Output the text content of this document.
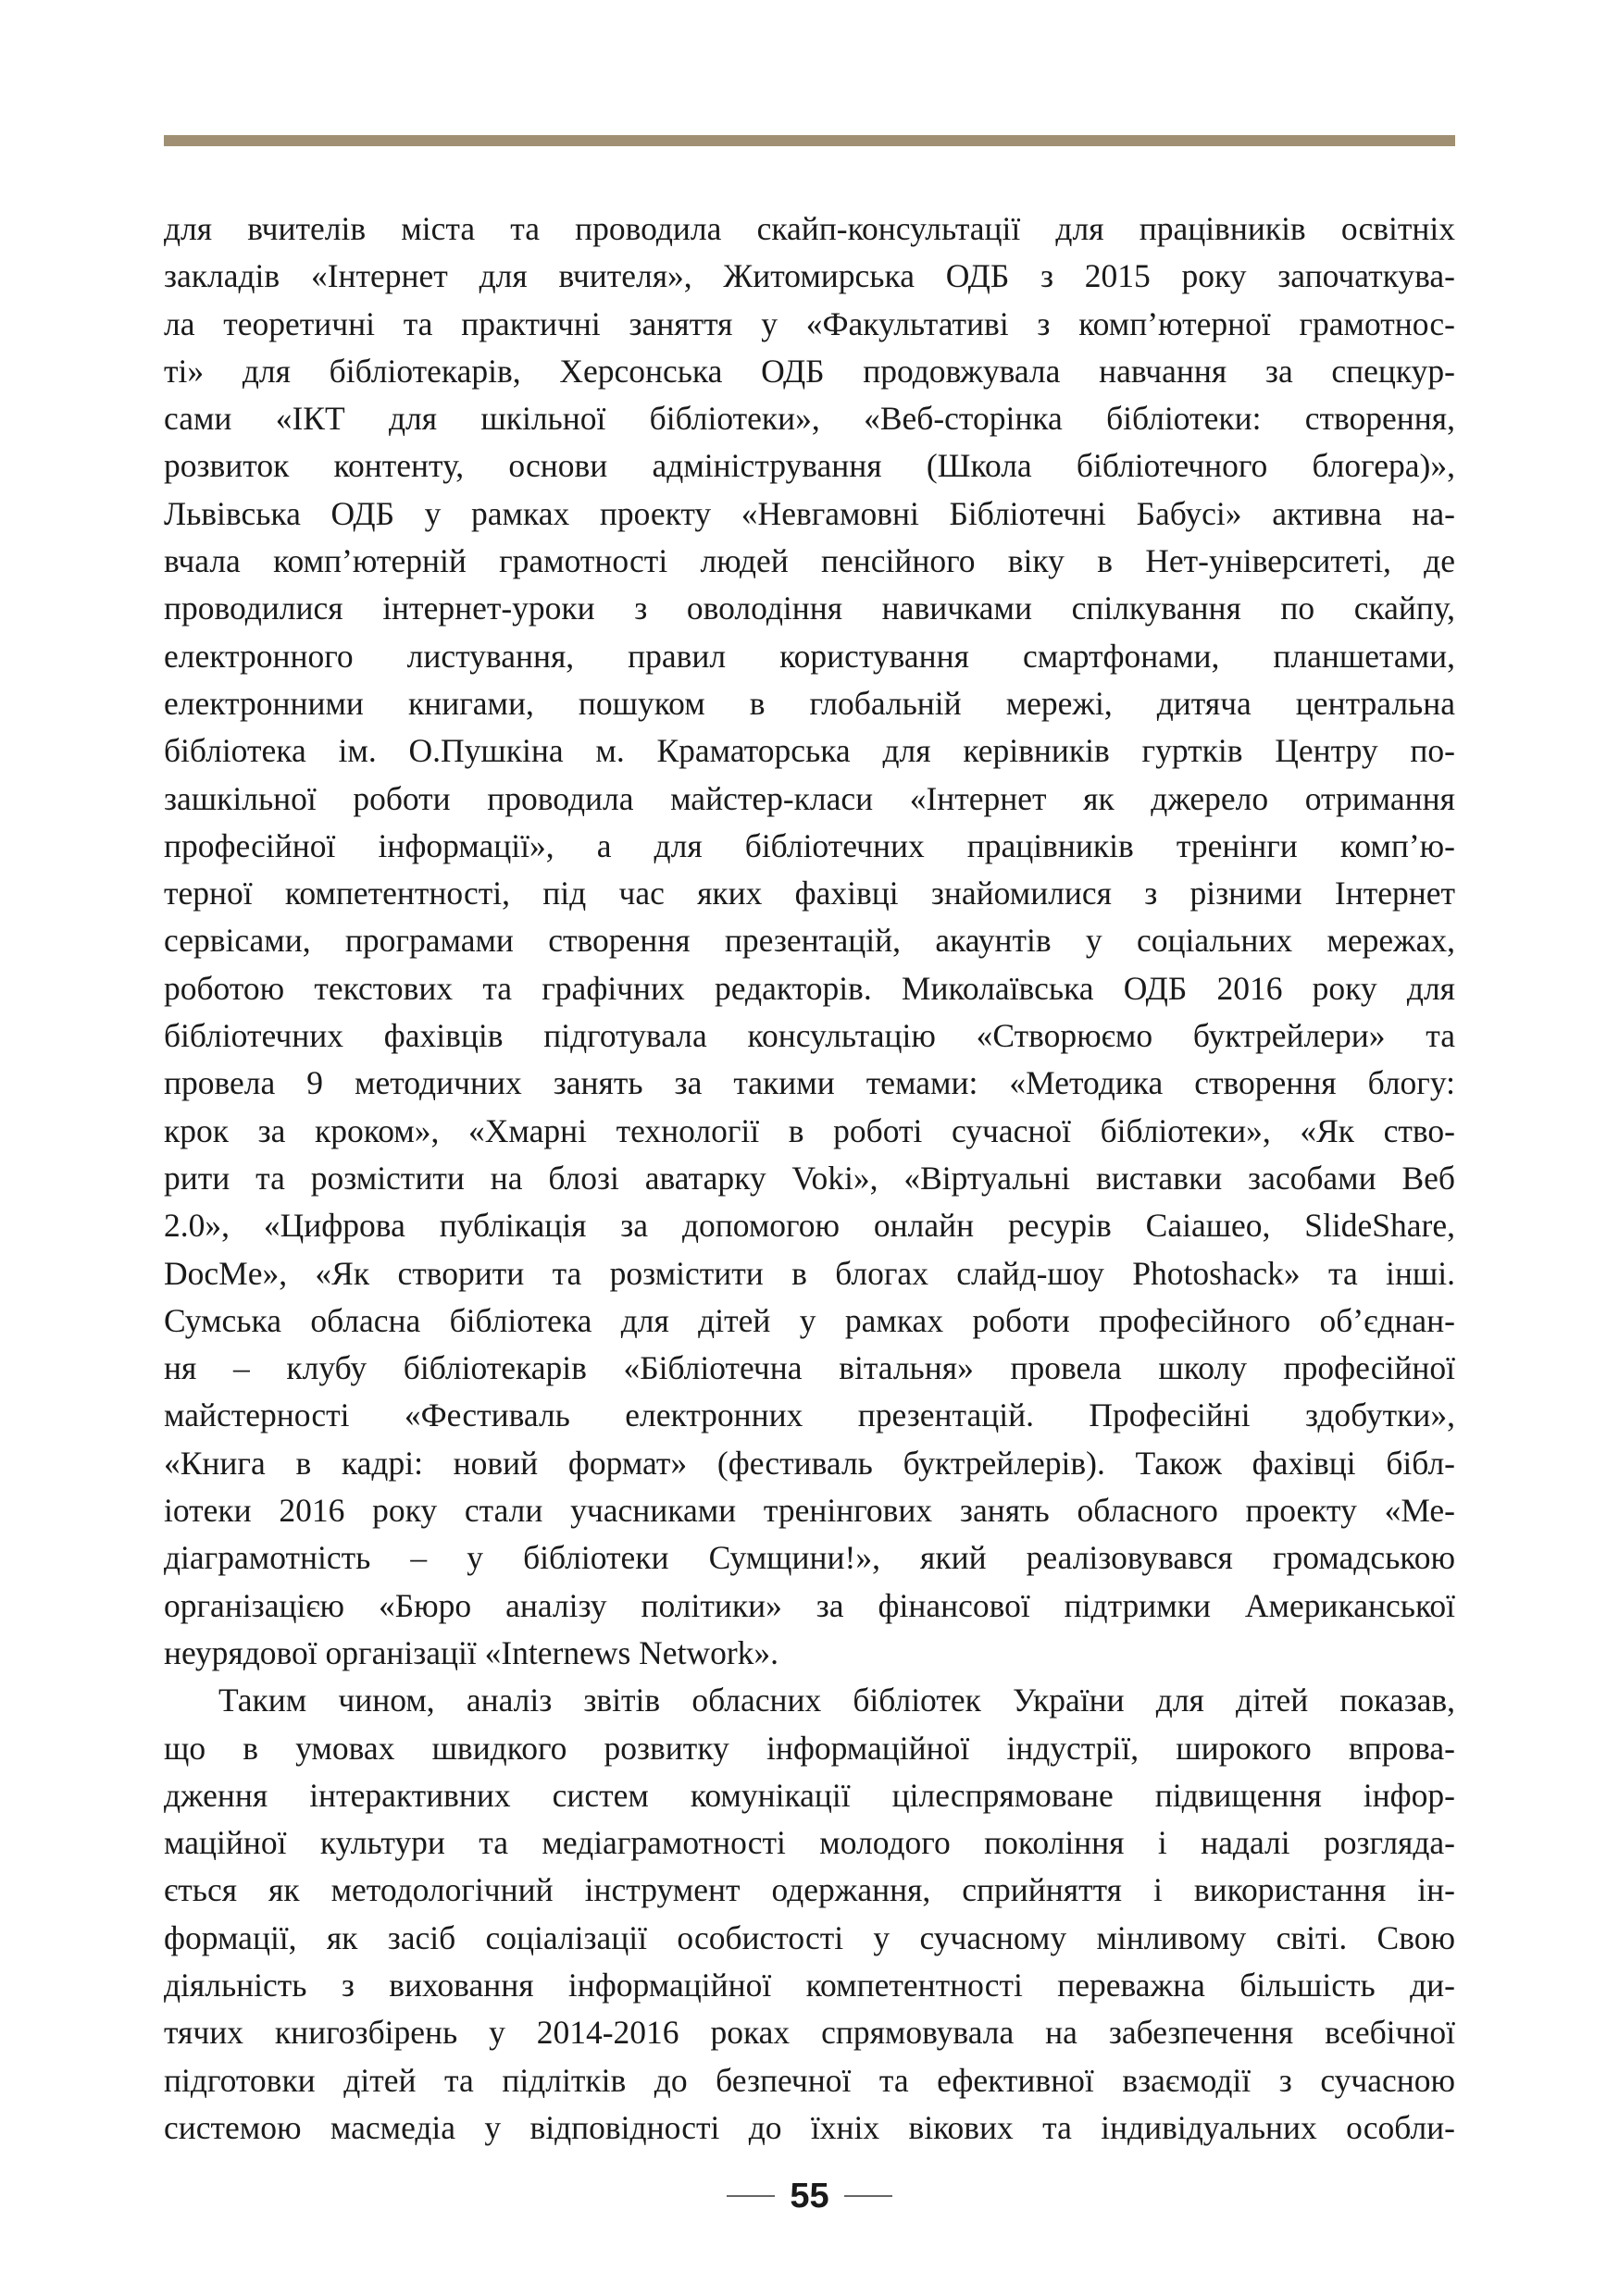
для вчителів міста та проводила скайп-консультації для працівників освітніх
закладів «Інтернет для вчителя», Житомирська ОДБ з 2015 року започаткува-
ла теоретичні та практичні заняття у «Факультативі з комп’ютерної грамотнос-
ті» для бібліотекарів, Херсонська ОДБ продовжувала навчання за спецкур-
сами «ІКТ для шкільної бібліотеки», «Веб-сторінка бібліотеки: створення,
розвиток контенту, основи адміністрування (Школа бібліотечного блогера)»,
Львівська ОДБ у рамках проекту «Невгамовні Бібліотечні Бабусі» активна на-
вчала комп’ютерній грамотності людей пенсійного віку в Нет-університеті, де
проводилися інтернет-уроки з оволодіння навичками спілкування по скайпу,
електронного листування, правил користування смартфонами, планшетами,
електронними книгами, пошуком в глобальній мережі, дитяча центральна
бібліотека ім. О.Пушкіна м. Краматорська для керівників гуртків Центру по-
зашкільної роботи проводила майстер-класи «Інтернет як джерело отримання
професійної інформації», а для бібліотечних працівників тренінги комп’ю-
терної компетентності, під час яких фахівці знайомилися з різними Інтернет
сервісами, програмами створення презентацій, акаунтів у соціальних мережах,
роботою текстових та графічних редакторів. Миколаївська ОДБ 2016 року для
бібліотечних фахівців підготувала консультацію «Створюємо буктрейлери» та
провела 9 методичних занять за такими темами: «Методика створення блогу:
крок за кроком», «Хмарні технології в роботі сучасної бібліотеки», «Як ство-
рити та розмістити на блозі аватарку Voki», «Віртуальні виставки засобами Веб
2.0», «Цифрова публікація за допомогою онлайн ресурів Caiaшeo, SlideShare,
DocMe», «Як створити та розмістити в блогах слайд-шоу Photoshack» та інші.
Сумська обласна бібліотека для дітей у рамках роботи професійного об’єднан-
ня – клубу бібліотекарів «Бібліотечна вітальня» провела школу професійної
майстерності «Фестиваль електронних презентацій. Професійні здобутки»,
«Книга в кадрі: новий формат» (фестиваль буктрейлерів). Також фахівці бібл-
іотеки 2016 року стали учасниками тренінгових занять обласного проекту «Ме-
діаграмотність – у бібліотеки Сумщини!», який реалізовувався громадською
організацією «Бюро аналізу політики» за фінансової підтримки Американської
неурядової організації «Internews Network».
Таким чином, аналіз звітів обласних бібліотек України для дітей показав,
що в умовах швидкого розвитку інформаційної індустрії, широкого впрова-
дження інтерактивних систем комунікації цілеспрямоване підвищення інфор-
маційної культури та медіаграмотності молодого покоління і надалі розгляда-
ється як методологічний інструмент одержання, сприйняття і використання ін-
формації, як засіб соціалізації особистості у сучасному мінливому світі. Свою
діяльність з виховання інформаційної компетентності переважна більшість ди-
тячих книгозбірень у 2014-2016 роках спрямовувала на забезпечення всебічної
підготовки дітей та підлітків до безпечної та ефективної взаємодії з сучасною
системою масмедіа у відповідності до їхніх вікових та індивідуальних особли-
55
